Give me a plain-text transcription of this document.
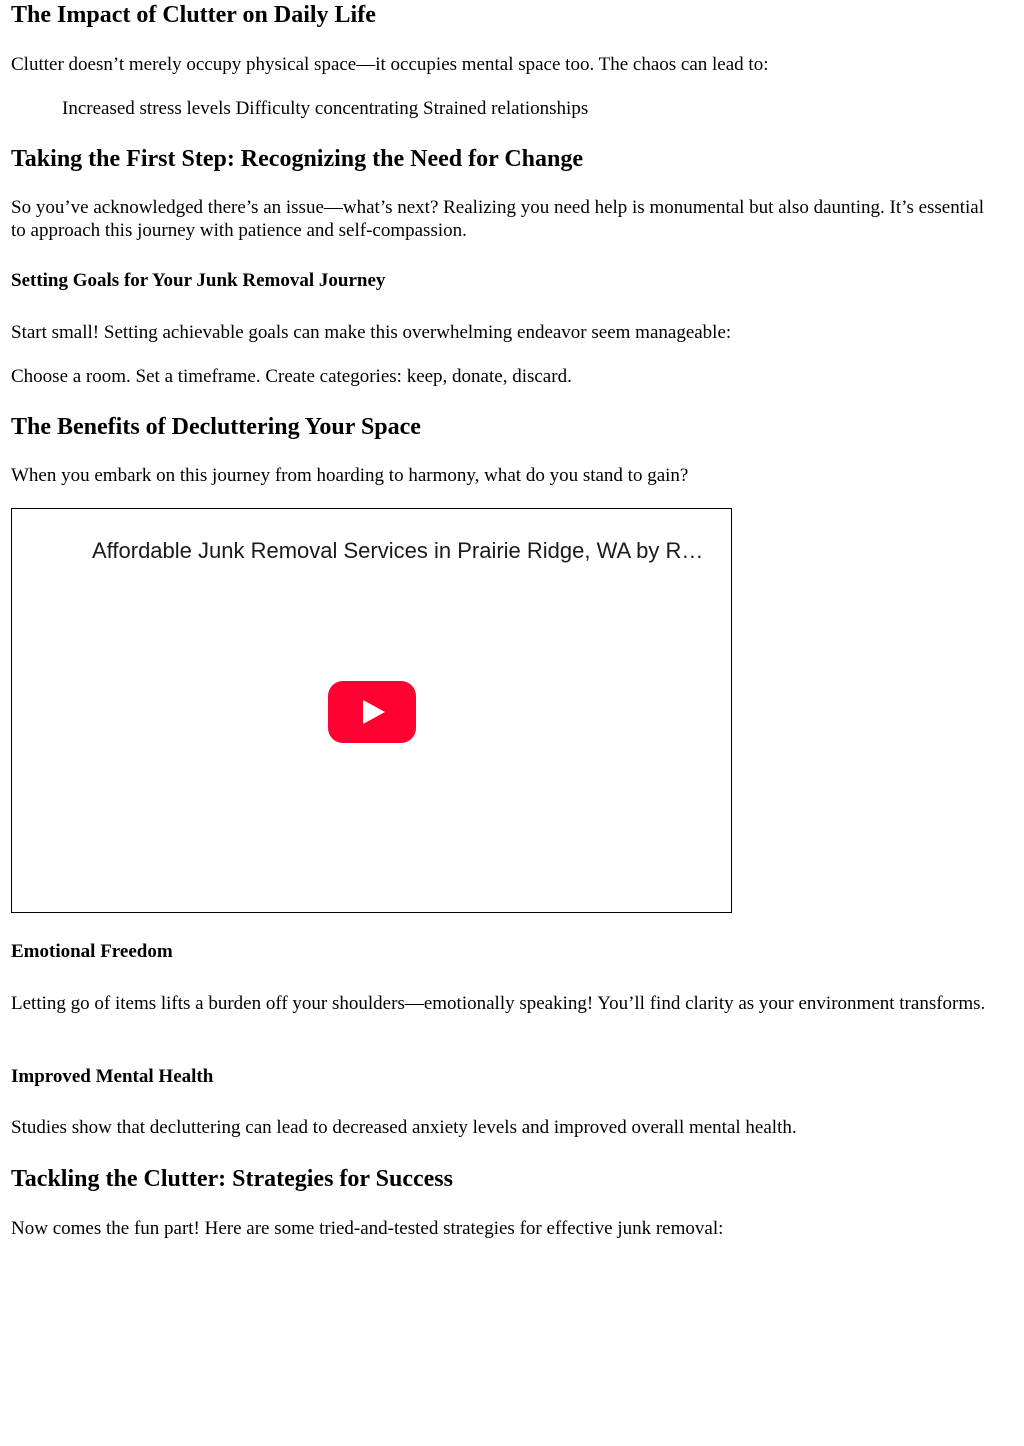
The Impact of Clutter on Daily Life

Clutter doesn’t merely occupy physical space—it occupies mental space too. The chaos can lead to:

Increased stress levels Difficulty concentrating Strained relationships

Taking the First Step: Recognizing the Need for Change

So you’ve acknowledged there’s an issue—what’s next? Realizing you need help is monumental but also daunting. It’s essential to approach this journey with patience and self-compassion.

Setting Goals for Your Junk Removal Journey

Start small! Setting achievable goals can make this overwhelming endeavor seem manageable:

Choose a room. Set a timeframe. Create categories: keep, donate, discard.

The Benefits of Decluttering Your Space

When you embark on this journey from hoarding to harmony, what do you stand to gain?

Affordable Junk Removal Services in Prairie Ridge, WA by R…
Emotional Freedom

Letting go of items lifts a burden off your shoulders—emotionally speaking! You’ll find clarity as your environment transforms.

Improved Mental Health

Studies show that decluttering can lead to decreased anxiety levels and improved overall mental health.

Tackling the Clutter: Strategies for Success

Now comes the fun part! Here are some tried-and-tested strategies for effective junk removal:
